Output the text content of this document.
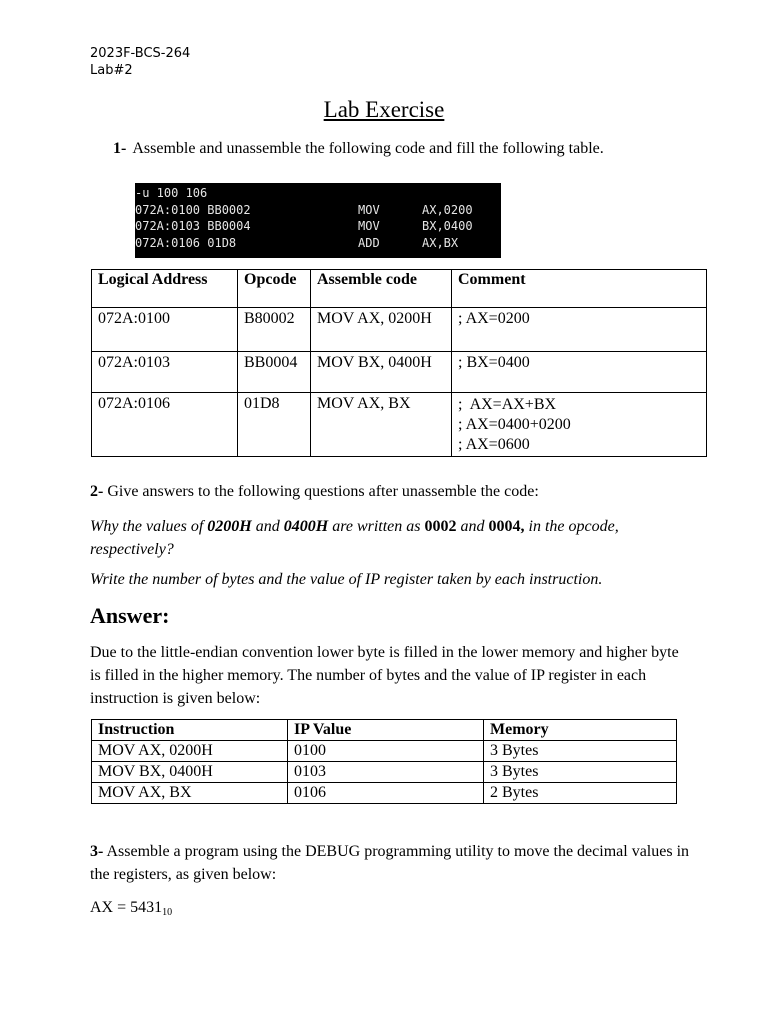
2023F-BCS-264
Lab#2
Lab Exercise
1- Assemble and unassemble the following code and fill the following table.
-u 100 106
072A:0100 BB0002	MOV	AX,0200
072A:0103 BB0004	MOV	BX,0400
072A:0106 01D8	ADD	AX,BX
Logical Address	Opcode	Assemble code	Comment
072A:0100	B80002	MOV AX, 0200H	; AX=0200
072A:0103	BB0004	MOV BX, 0400H	; BX=0400
072A:0106	01D8	MOV AX, BX	;  AX=AX+BX
; AX=0400+0200
; AX=0600
2- Give answers to the following questions after unassemble the code:
Why the values of 0200H and 0400H are written as 0002 and 0004, in the opcode, respectively?
Write the number of bytes and the value of IP register taken by each instruction.
Answer:
Due to the little-endian convention lower byte is filled in the lower memory and higher byte is filled in the higher memory. The number of bytes and the value of IP register in each instruction is given below:
Instruction	IP Value	Memory
MOV AX, 0200H	0100	3 Bytes
MOV BX, 0400H	0103	3 Bytes
MOV AX, BX	0106	2 Bytes
3- Assemble a program using the DEBUG programming utility to move the decimal values in the registers, as given below:
AX = $5431_{10}$
